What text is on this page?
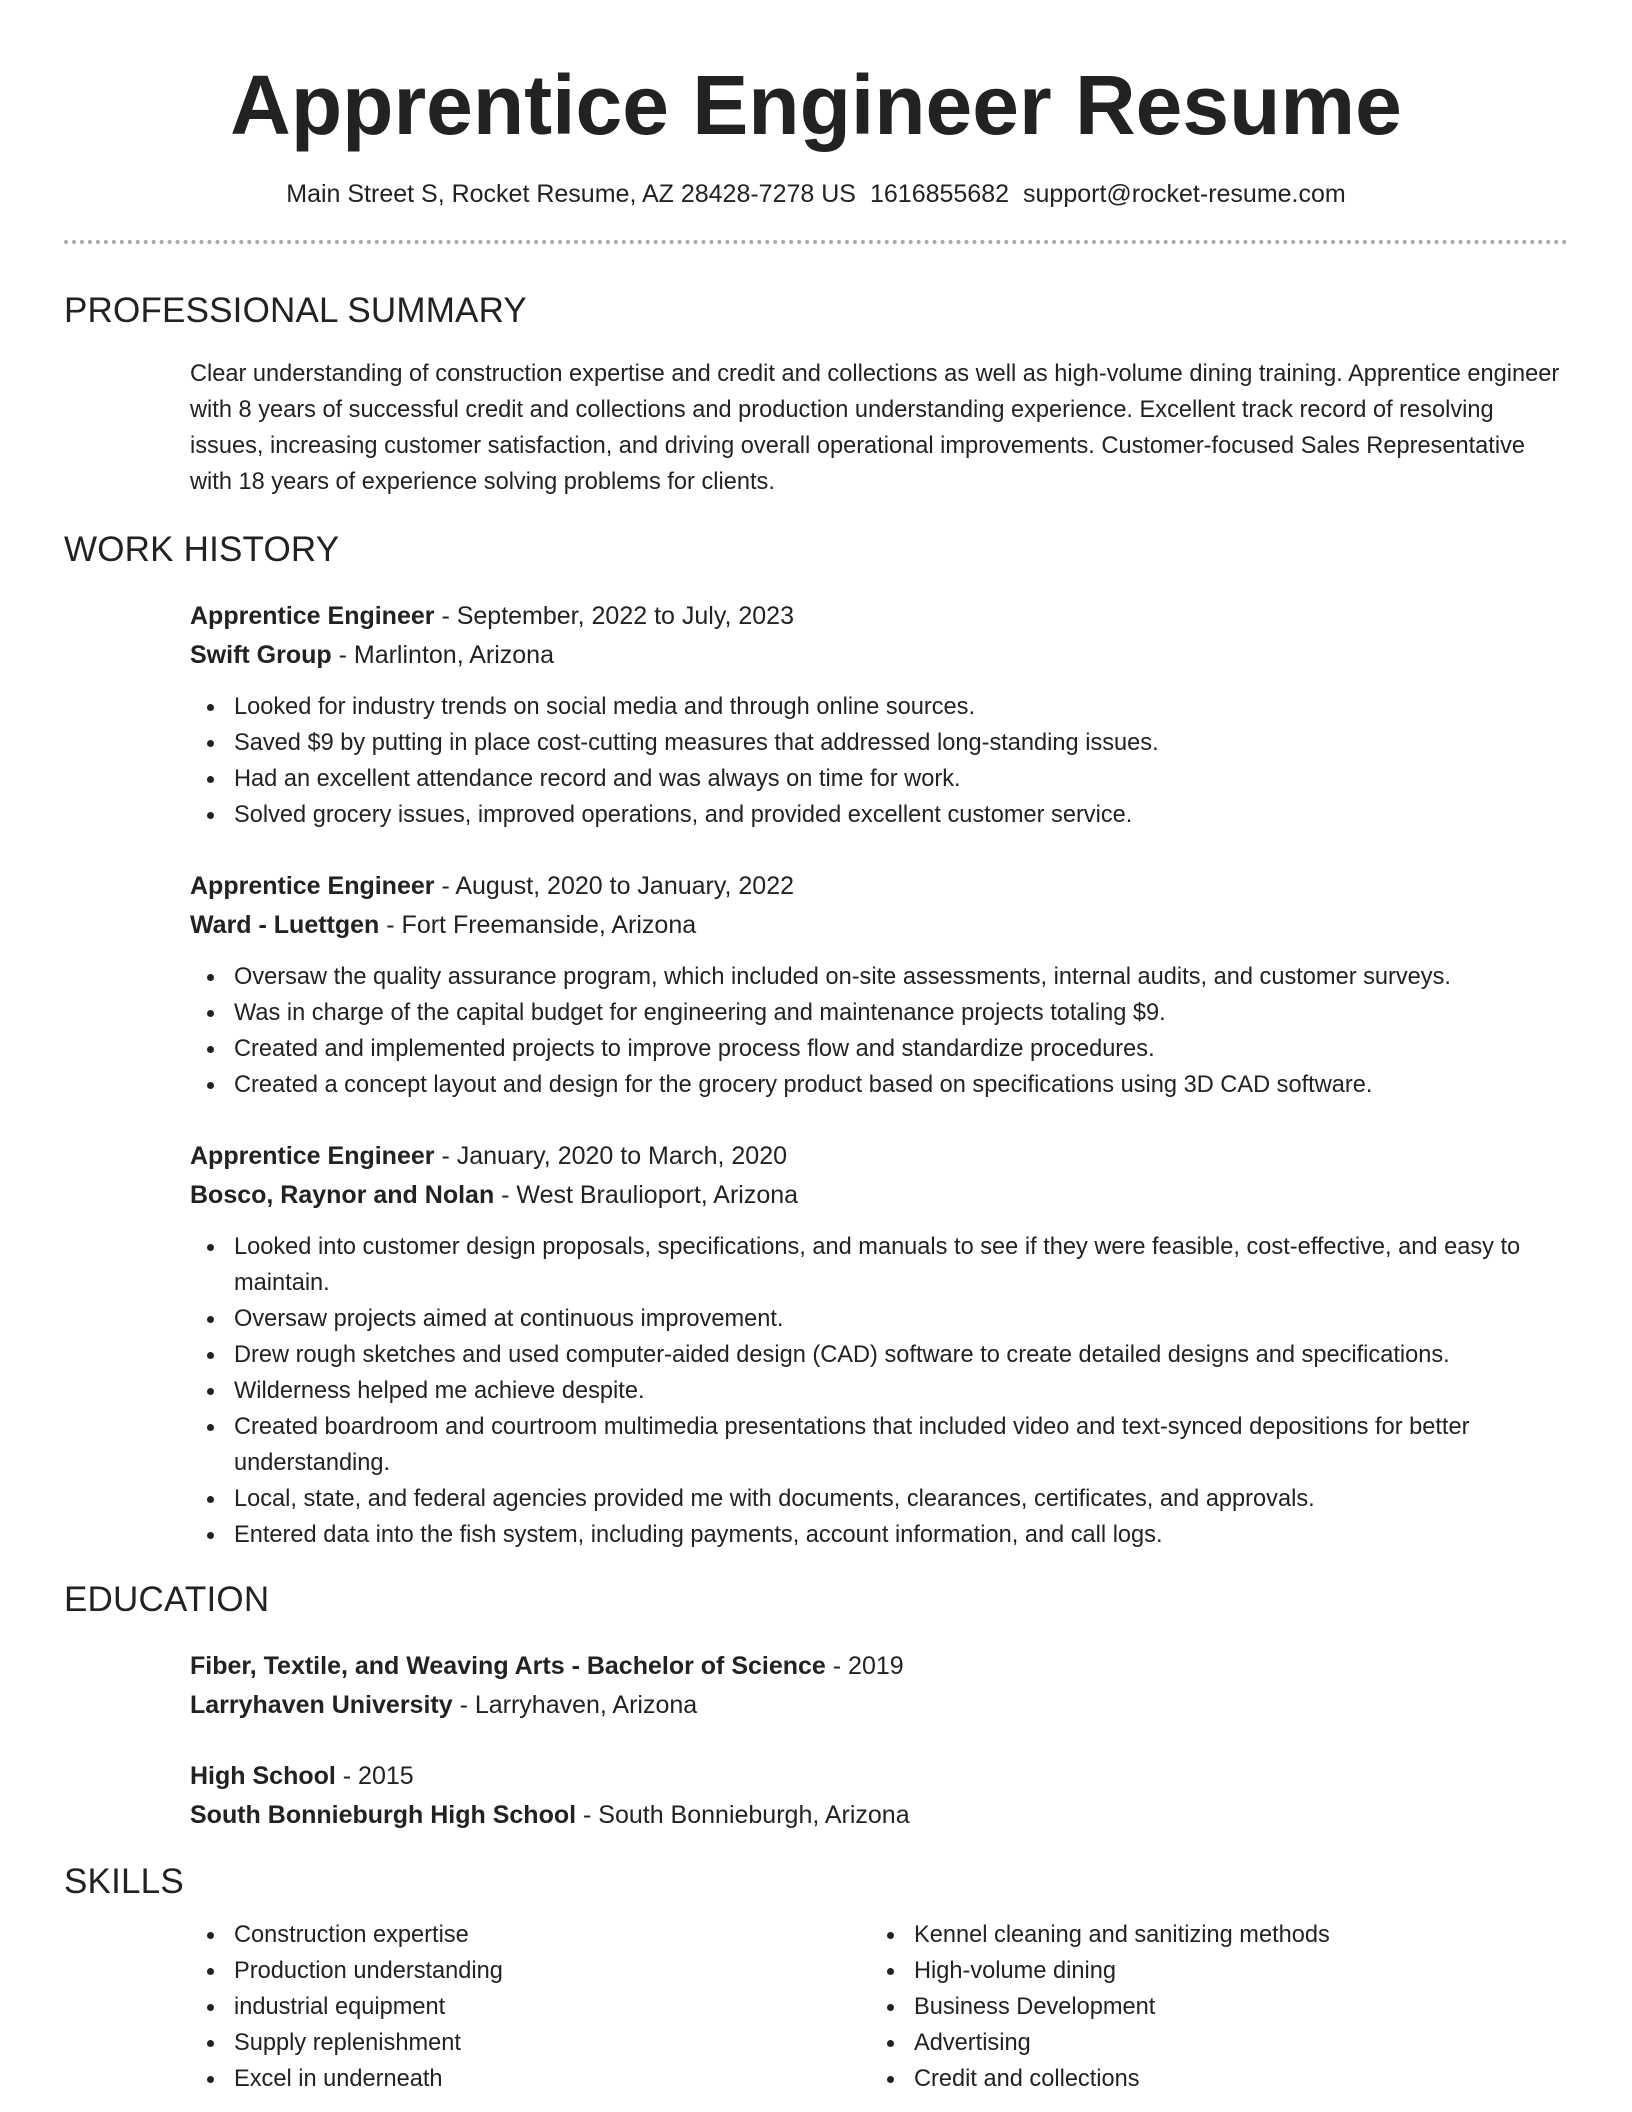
Apprentice Engineer Resume
Main Street S, Rocket Resume, AZ 28428-7278 US 1616855682 support@rocket-resume.com
PROFESSIONAL SUMMARY

Clear understanding of construction expertise and credit and collections as well as high-volume dining training. Apprentice engineer with 8 years of successful credit and collections and production understanding experience. Excellent track record of resolving issues, increasing customer satisfaction, and driving overall operational improvements. Customer-focused Sales Representative with 18 years of experience solving problems for clients.

WORK HISTORY
Apprentice Engineer - September, 2022 to July, 2023
Swift Group - Marlinton, Arizona
Looked for industry trends on social media and through online sources.
Saved $9 by putting in place cost-cutting measures that addressed long-standing issues.
Had an excellent attendance record and was always on time for work.
Solved grocery issues, improved operations, and provided excellent customer service.
Apprentice Engineer - August, 2020 to January, 2022
Ward - Luettgen - Fort Freemanside, Arizona
Oversaw the quality assurance program, which included on-site assessments, internal audits, and customer surveys.
Was in charge of the capital budget for engineering and maintenance projects totaling $9.
Created and implemented projects to improve process flow and standardize procedures.
Created a concept layout and design for the grocery product based on specifications using 3D CAD software.
Apprentice Engineer - January, 2020 to March, 2020
Bosco, Raynor and Nolan - West Braulioport, Arizona
Looked into customer design proposals, specifications, and manuals to see if they were feasible, cost-effective, and easy to maintain.
Oversaw projects aimed at continuous improvement.
Drew rough sketches and used computer-aided design (CAD) software to create detailed designs and specifications.
Wilderness helped me achieve despite.
Created boardroom and courtroom multimedia presentations that included video and text-synced depositions for better understanding.
Local, state, and federal agencies provided me with documents, clearances, certificates, and approvals.
Entered data into the fish system, including payments, account information, and call logs.
EDUCATION
Fiber, Textile, and Weaving Arts - Bachelor of Science - 2019
Larryhaven University - Larryhaven, Arizona
High School - 2015
South Bonnieburgh High School - South Bonnieburgh, Arizona
SKILLS
Construction expertise
Production understanding
industrial equipment
Supply replenishment
Excel in underneath
Kennel cleaning and sanitizing methods
High-volume dining
Business Development
Advertising
Credit and collections
